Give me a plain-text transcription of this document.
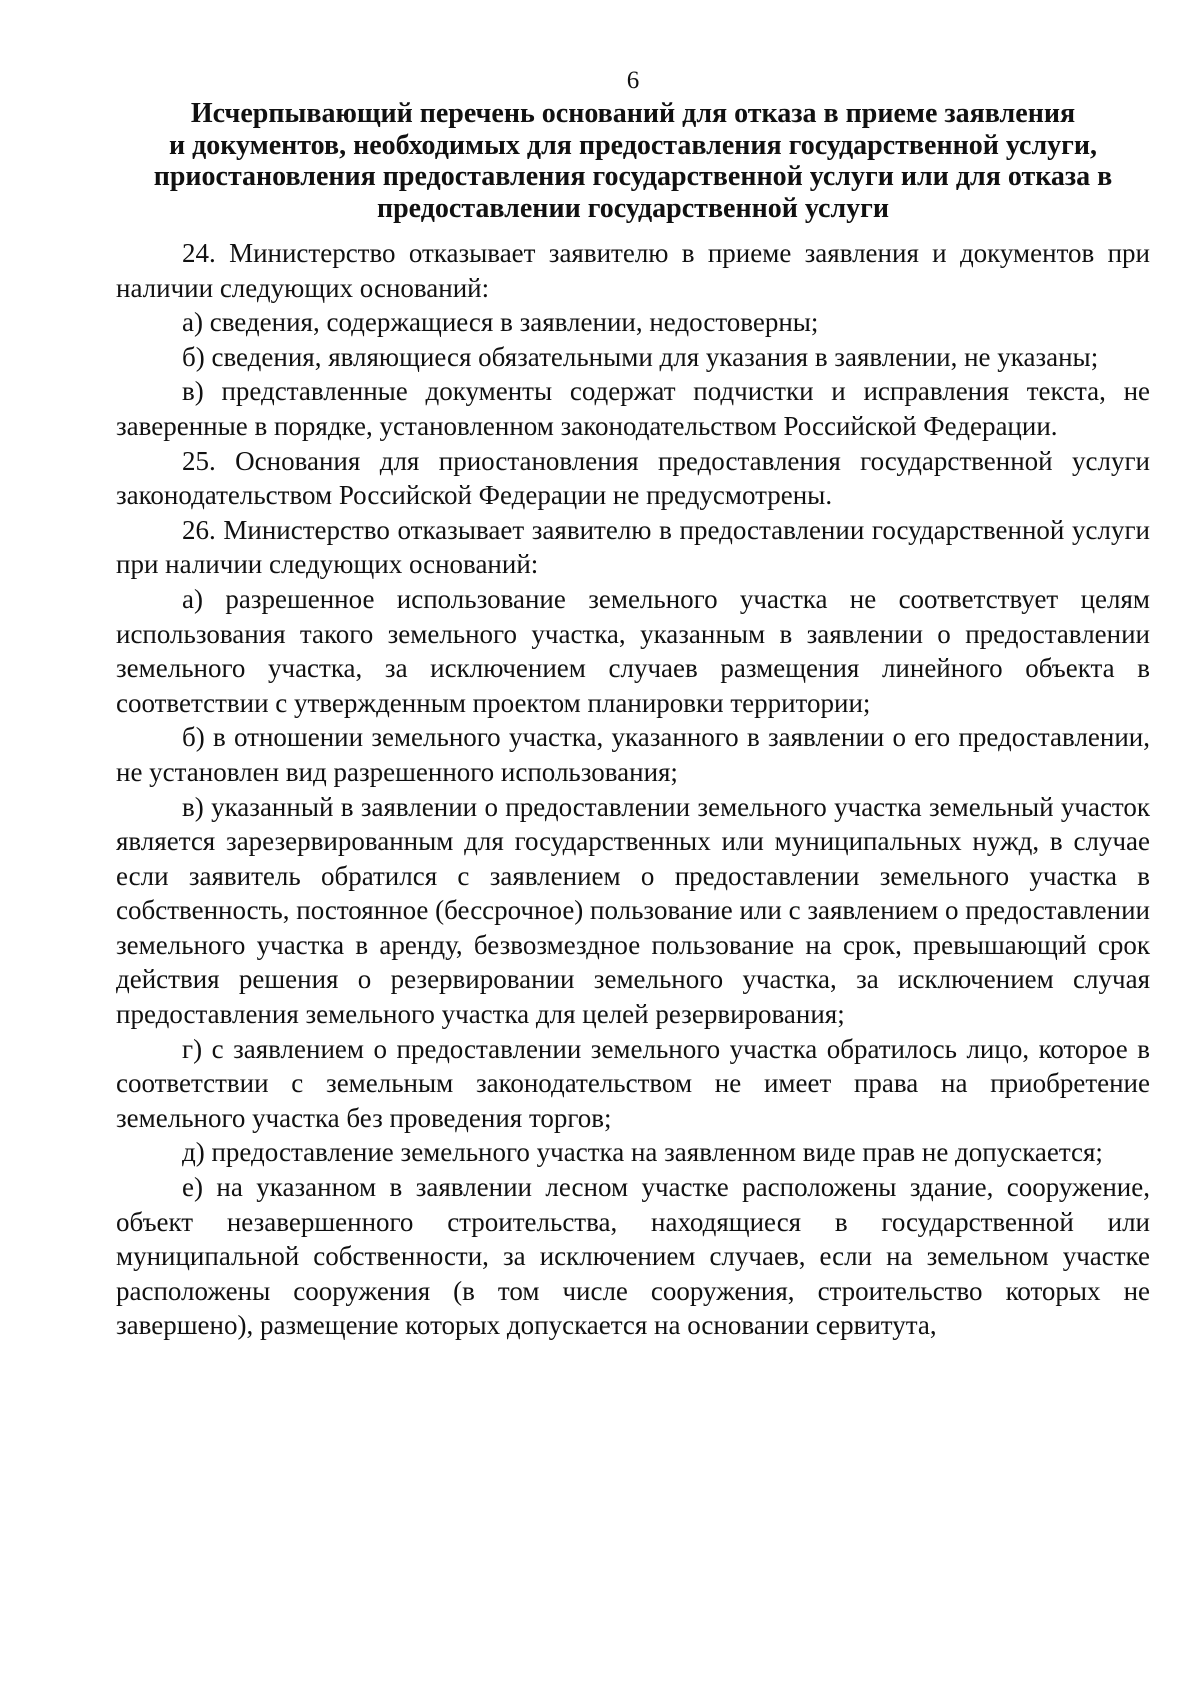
6
Исчерпывающий перечень оснований для отказа в приеме заявления
и документов, необходимых для предоставления государственной услуги,
приостановления предоставления государственной услуги или для отказа в
предоставлении государственной услуги

24. Министерство отказывает заявителю в приеме заявления и документов при наличии следующих оснований:

а) сведения, содержащиеся в заявлении, недостоверны;

б) сведения, являющиеся обязательными для указания в заявлении, не указаны;

в) представленные документы содержат подчистки и исправления текста, не заверенные в порядке, установленном законодательством Российской Федерации.

25. Основания для приостановления предоставления государственной услуги законодательством Российской Федерации не предусмотрены.

26. Министерство отказывает заявителю в предоставлении государственной услуги при наличии следующих оснований:

а) разрешенное использование земельного участка не соответствует целям использования такого земельного участка, указанным в заявлении о предоставлении земельного участка, за исключением случаев размещения линейного объекта в соответствии с утвержденным проектом планировки территории;

б) в отношении земельного участка, указанного в заявлении о его предоставлении, не установлен вид разрешенного использования;

в) указанный в заявлении о предоставлении земельного участка земельный участок является зарезервированным для государственных или муниципальных нужд, в случае если заявитель обратился с заявлением о предоставлении земельного участка в собственность, постоянное (бессрочное) пользование или с заявлением о предоставлении земельного участка в аренду, безвозмездное пользование на срок, превышающий срок действия решения о резервировании земельного участка, за исключением случая предоставления земельного участка для целей резервирования;

г) с заявлением о предоставлении земельного участка обратилось лицо, которое в соответствии с земельным законодательством не имеет права на приобретение земельного участка без проведения торгов;

д) предоставление земельного участка на заявленном виде прав не допускается;

е) на указанном в заявлении лесном участке расположены здание, сооружение, объект незавершенного строительства, находящиеся в государственной или муниципальной собственности, за исключением случаев, если на земельном участке расположены сооружения (в том числе сооружения, строительство которых не завершено), размещение которых допускается на основании сервитута,
